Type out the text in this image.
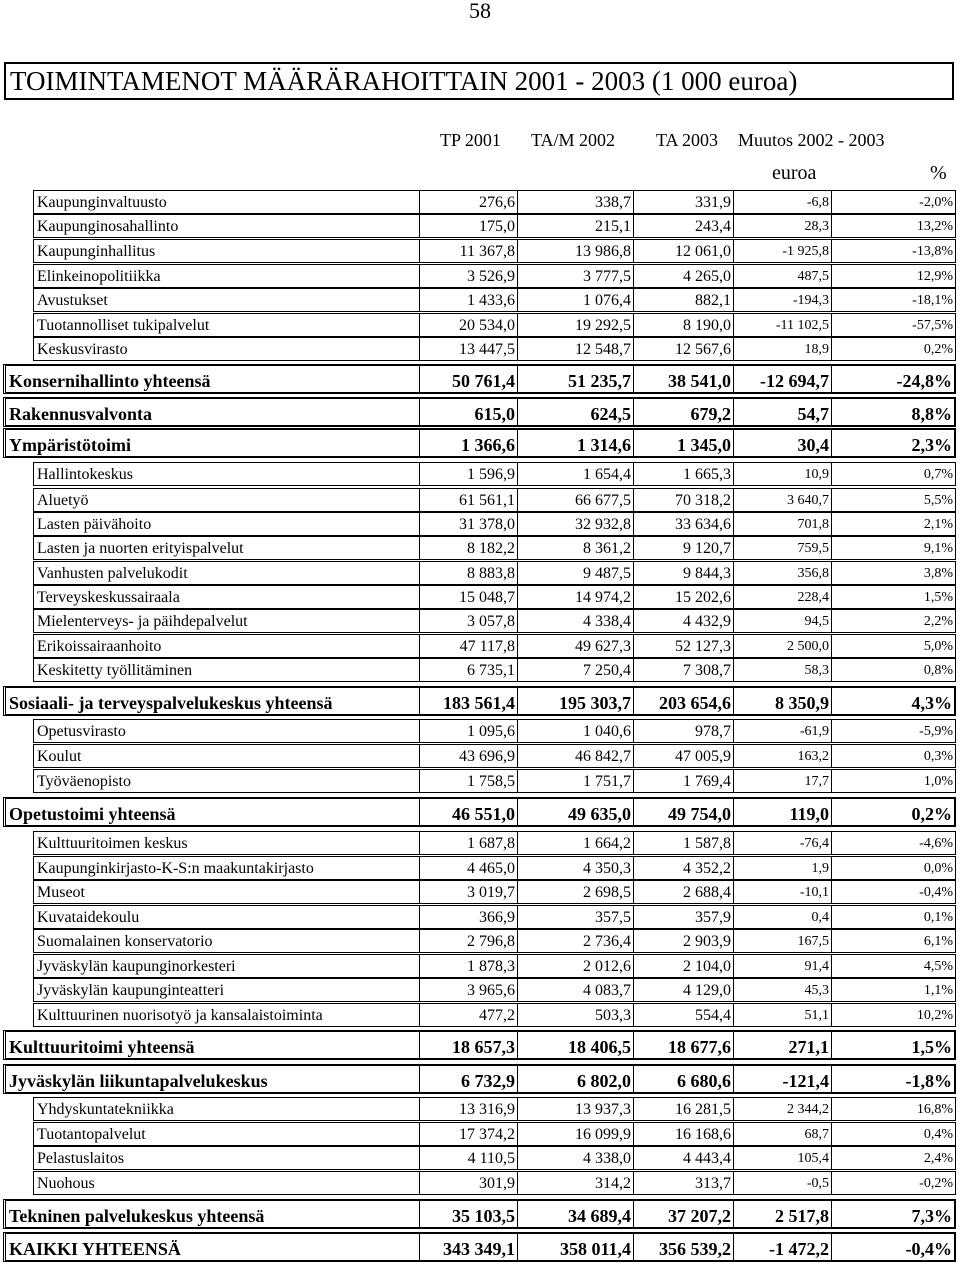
58
TOIMINTAMENOT MÄÄRÄRAHOITTAIN 2001 - 2003 (1 000 euroa)
TP 2001 TA/M 2002 TA 2003 Muutos 2002 - 2003
euroa	%
Kaupunginvaltuusto	276,6	338,7	331,9	-6,8	-2,0%
Kaupunginosahallinto	175,0	215,1	243,4	28,3	13,2%
Kaupunginhallitus	11 367,8	13 986,8	12 061,0	-1 925,8	-13,8%
Elinkeinopolitiikka	3 526,9	3 777,5	4 265,0	487,5	12,9%
Avustukset	1 433,6	1 076,4	882,1	-194,3	-18,1%
Tuotannolliset tukipalvelut	20 534,0	19 292,5	8 190,0	-11 102,5	-57,5%
Keskusvirasto	13 447,5	12 548,7	12 567,6	18,9	0,2%
Konsernihallinto yhteensä	50 761,4	51 235,7	38 541,0	-12 694,7	-24,8%
Rakennusvalvonta	615,0	624,5	679,2	54,7	8,8%
Ympäristötoimi	1 366,6	1 314,6	1 345,0	30,4	2,3%
Hallintokeskus	1 596,9	1 654,4	1 665,3	10,9	0,7%
Aluetyö	61 561,1	66 677,5	70 318,2	3 640,7	5,5%
Lasten päivähoito	31 378,0	32 932,8	33 634,6	701,8	2,1%
Lasten ja nuorten erityispalvelut	8 182,2	8 361,2	9 120,7	759,5	9,1%
Vanhusten palvelukodit	8 883,8	9 487,5	9 844,3	356,8	3,8%
Terveyskeskussairaala	15 048,7	14 974,2	15 202,6	228,4	1,5%
Mielenterveys- ja päihdepalvelut	3 057,8	4 338,4	4 432,9	94,5	2,2%
Erikoissairaanhoito	47 117,8	49 627,3	52 127,3	2 500,0	5,0%
Keskitetty työllitäminen	6 735,1	7 250,4	7 308,7	58,3	0,8%
Sosiaali- ja terveyspalvelukeskus yhteensä	183 561,4	195 303,7	203 654,6	8 350,9	4,3%
Opetusvirasto	1 095,6	1 040,6	978,7	-61,9	-5,9%
Koulut	43 696,9	46 842,7	47 005,9	163,2	0,3%
Työväenopisto	1 758,5	1 751,7	1 769,4	17,7	1,0%
Opetustoimi yhteensä	46 551,0	49 635,0	49 754,0	119,0	0,2%
Kulttuuritoimen keskus	1 687,8	1 664,2	1 587,8	-76,4	-4,6%
Kaupunginkirjasto-K-S:n maakuntakirjasto	4 465,0	4 350,3	4 352,2	1,9	0,0%
Museot	3 019,7	2 698,5	2 688,4	-10,1	-0,4%
Kuvataidekoulu	366,9	357,5	357,9	0,4	0,1%
Suomalainen konservatorio	2 796,8	2 736,4	2 903,9	167,5	6,1%
Jyväskylän kaupunginorkesteri	1 878,3	2 012,6	2 104,0	91,4	4,5%
Jyväskylän kaupunginteatteri	3 965,6	4 083,7	4 129,0	45,3	1,1%
Kulttuurinen nuorisotyö ja kansalaistoiminta	477,2	503,3	554,4	51,1	10,2%
Kulttuuritoimi yhteensä	18 657,3	18 406,5	18 677,6	271,1	1,5%
Jyväskylän liikuntapalvelukeskus	6 732,9	6 802,0	6 680,6	-121,4	-1,8%
Yhdyskuntatekniikka	13 316,9	13 937,3	16 281,5	2 344,2	16,8%
Tuotantopalvelut	17 374,2	16 099,9	16 168,6	68,7	0,4%
Pelastuslaitos	4 110,5	4 338,0	4 443,4	105,4	2,4%
Nuohous	301,9	314,2	313,7	-0,5	-0,2%
Tekninen palvelukeskus yhteensä	35 103,5	34 689,4	37 207,2	2 517,8	7,3%
KAIKKI YHTEENSÄ	343 349,1	358 011,4	356 539,2	-1 472,2	-0,4%
